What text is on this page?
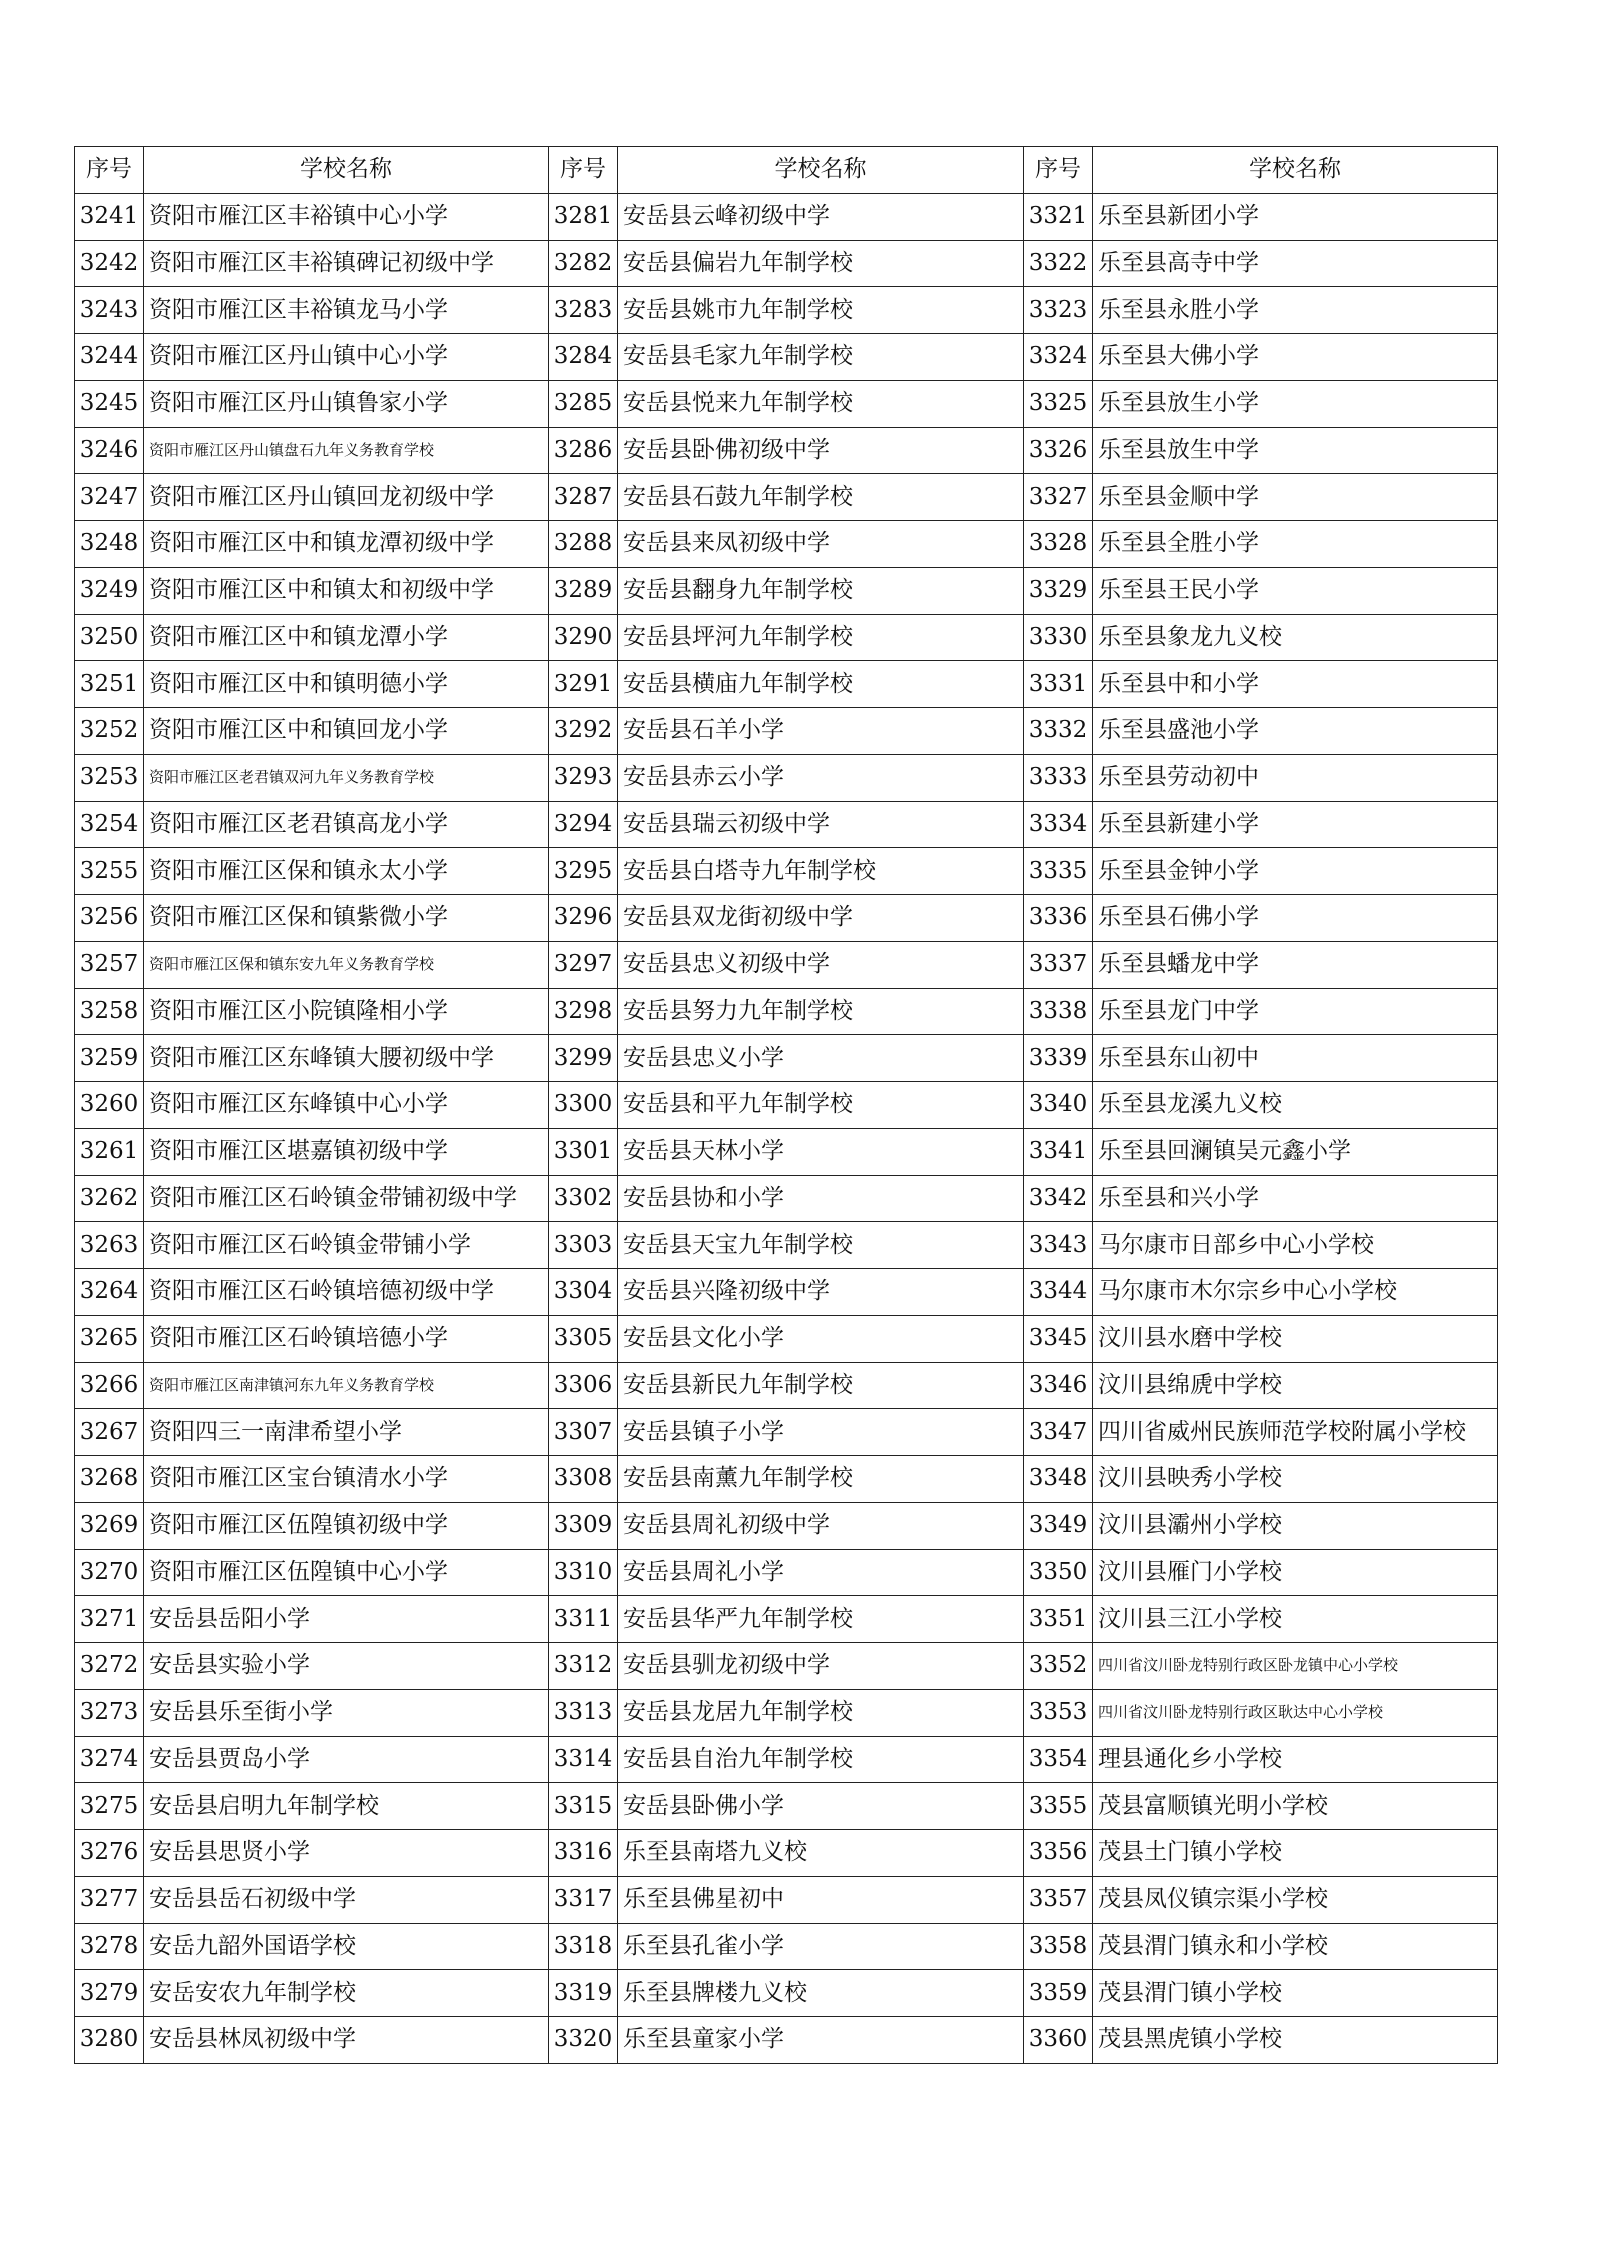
序号	学校名称	序号	学校名称	序号	学校名称
3241	资阳市雁江区丰裕镇中心小学	3281	安岳县云峰初级中学	3321	乐至县新团小学
3242	资阳市雁江区丰裕镇碑记初级中学	3282	安岳县偏岩九年制学校	3322	乐至县高寺中学
3243	资阳市雁江区丰裕镇龙马小学	3283	安岳县姚市九年制学校	3323	乐至县永胜小学
3244	资阳市雁江区丹山镇中心小学	3284	安岳县毛家九年制学校	3324	乐至县大佛小学
3245	资阳市雁江区丹山镇鲁家小学	3285	安岳县悦来九年制学校	3325	乐至县放生小学
3246	资阳市雁江区丹山镇盘石九年义务教育学校	3286	安岳县卧佛初级中学	3326	乐至县放生中学
3247	资阳市雁江区丹山镇回龙初级中学	3287	安岳县石鼓九年制学校	3327	乐至县金顺中学
3248	资阳市雁江区中和镇龙潭初级中学	3288	安岳县来凤初级中学	3328	乐至县全胜小学
3249	资阳市雁江区中和镇太和初级中学	3289	安岳县翻身九年制学校	3329	乐至县王民小学
3250	资阳市雁江区中和镇龙潭小学	3290	安岳县坪河九年制学校	3330	乐至县象龙九义校
3251	资阳市雁江区中和镇明德小学	3291	安岳县横庙九年制学校	3331	乐至县中和小学
3252	资阳市雁江区中和镇回龙小学	3292	安岳县石羊小学	3332	乐至县盛池小学
3253	资阳市雁江区老君镇双河九年义务教育学校	3293	安岳县赤云小学	3333	乐至县劳动初中
3254	资阳市雁江区老君镇高龙小学	3294	安岳县瑞云初级中学	3334	乐至县新建小学
3255	资阳市雁江区保和镇永太小学	3295	安岳县白塔寺九年制学校	3335	乐至县金钟小学
3256	资阳市雁江区保和镇紫微小学	3296	安岳县双龙街初级中学	3336	乐至县石佛小学
3257	资阳市雁江区保和镇东安九年义务教育学校	3297	安岳县忠义初级中学	3337	乐至县蟠龙中学
3258	资阳市雁江区小院镇隆相小学	3298	安岳县努力九年制学校	3338	乐至县龙门中学
3259	资阳市雁江区东峰镇大腰初级中学	3299	安岳县忠义小学	3339	乐至县东山初中
3260	资阳市雁江区东峰镇中心小学	3300	安岳县和平九年制学校	3340	乐至县龙溪九义校
3261	资阳市雁江区堪嘉镇初级中学	3301	安岳县天林小学	3341	乐至县回澜镇吴元鑫小学
3262	资阳市雁江区石岭镇金带铺初级中学	3302	安岳县协和小学	3342	乐至县和兴小学
3263	资阳市雁江区石岭镇金带铺小学	3303	安岳县天宝九年制学校	3343	马尔康市日部乡中心小学校
3264	资阳市雁江区石岭镇培德初级中学	3304	安岳县兴隆初级中学	3344	马尔康市木尔宗乡中心小学校
3265	资阳市雁江区石岭镇培德小学	3305	安岳县文化小学	3345	汶川县水磨中学校
3266	资阳市雁江区南津镇河东九年义务教育学校	3306	安岳县新民九年制学校	3346	汶川县绵虒中学校
3267	资阳四三一南津希望小学	3307	安岳县镇子小学	3347	四川省威州民族师范学校附属小学校
3268	资阳市雁江区宝台镇清水小学	3308	安岳县南薰九年制学校	3348	汶川县映秀小学校
3269	资阳市雁江区伍隍镇初级中学	3309	安岳县周礼初级中学	3349	汶川县灞州小学校
3270	资阳市雁江区伍隍镇中心小学	3310	安岳县周礼小学	3350	汶川县雁门小学校
3271	安岳县岳阳小学	3311	安岳县华严九年制学校	3351	汶川县三江小学校
3272	安岳县实验小学	3312	安岳县驯龙初级中学	3352	四川省汶川卧龙特别行政区卧龙镇中心小学校
3273	安岳县乐至街小学	3313	安岳县龙居九年制学校	3353	四川省汶川卧龙特别行政区耿达中心小学校
3274	安岳县贾岛小学	3314	安岳县自治九年制学校	3354	理县通化乡小学校
3275	安岳县启明九年制学校	3315	安岳县卧佛小学	3355	茂县富顺镇光明小学校
3276	安岳县思贤小学	3316	乐至县南塔九义校	3356	茂县土门镇小学校
3277	安岳县岳石初级中学	3317	乐至县佛星初中	3357	茂县凤仪镇宗渠小学校
3278	安岳九韶外国语学校	3318	乐至县孔雀小学	3358	茂县渭门镇永和小学校
3279	安岳安农九年制学校	3319	乐至县牌楼九义校	3359	茂县渭门镇小学校
3280	安岳县林凤初级中学	3320	乐至县童家小学	3360	茂县黑虎镇小学校
